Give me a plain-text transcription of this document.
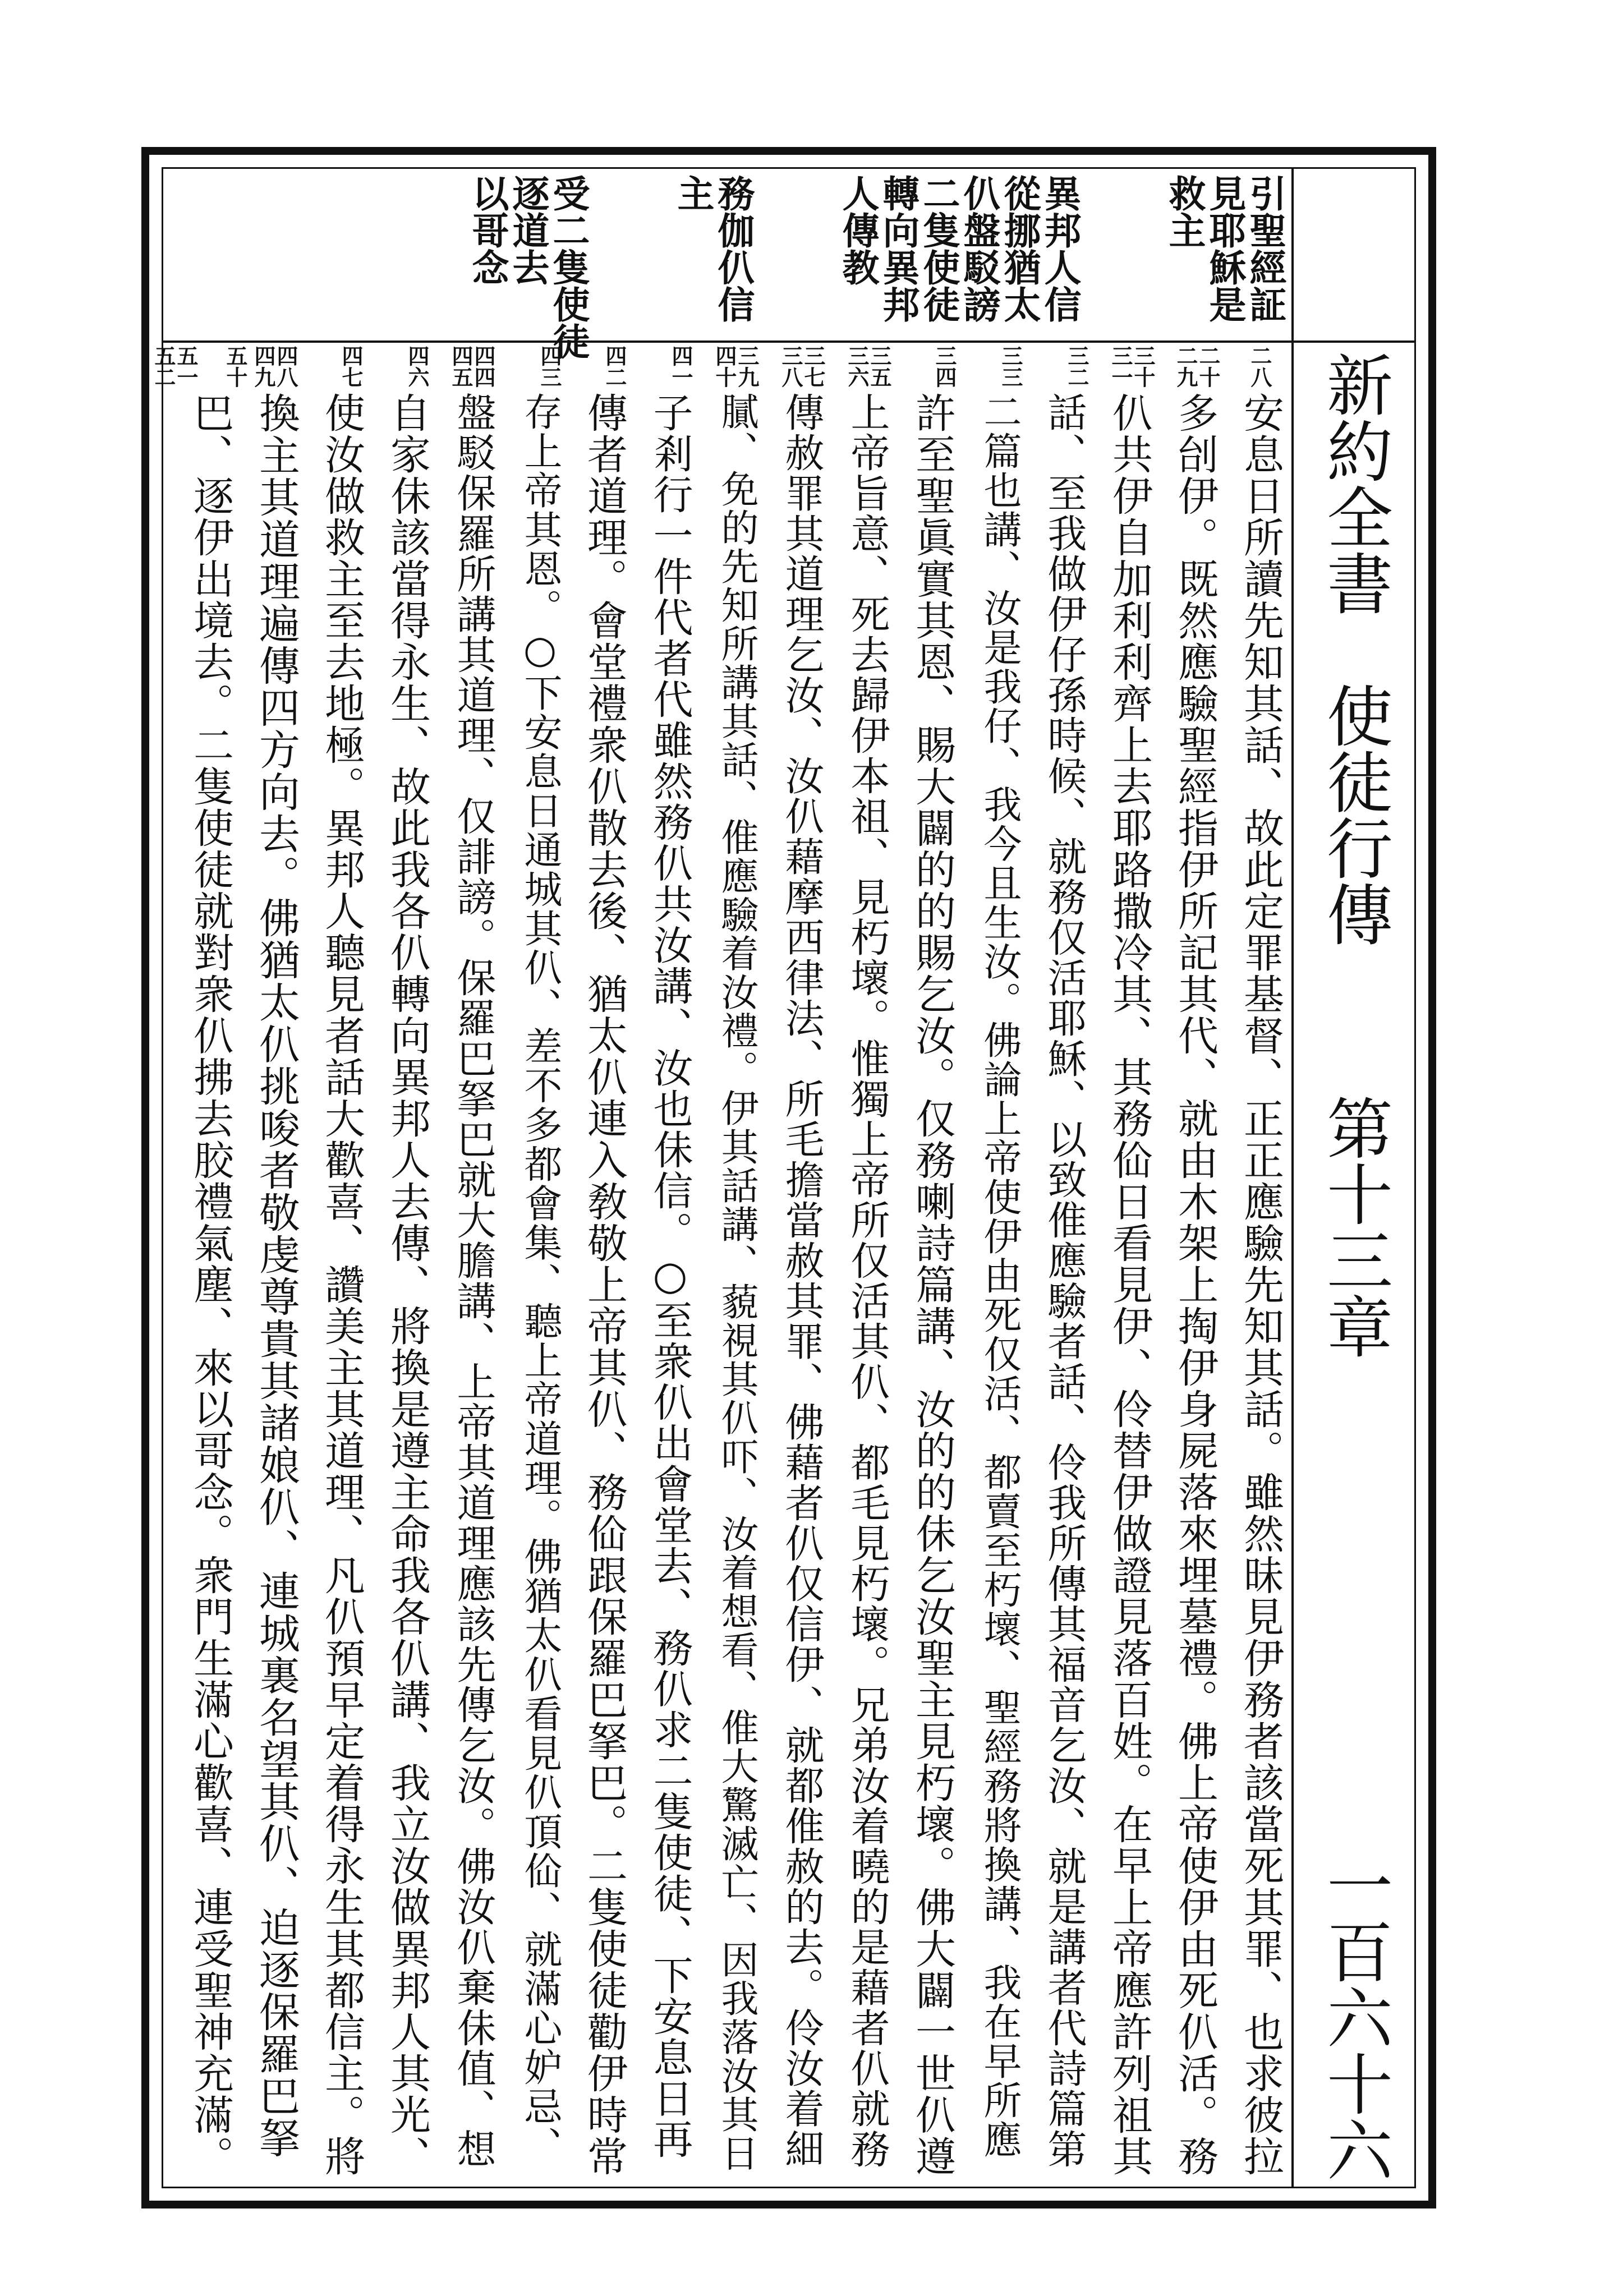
引聖經証
見耶穌是
救主
異邦人信
從挪猶太
仈盤駁謗
二隻使徒
轉向異邦
人傳教
務伽仈信
主
受二隻使徒
逐道去
以哥念
新約全書　使徒行傳
第十三章
一百六十六
二八
二十
二九
三十
三一
三二
三三
三四
三五
三六
三七
三八
三九
四十
四一
四二
四三
四四
四五
四六
四七
四八
四九
五十
五一
五二
安息日所讀先知其話、故此定罪基督、正正應驗先知其話。雖然昧見伊務者該當死其罪、也求彼拉
多刣伊。既然應驗聖經指伊所記其代、就由木架上掏伊身屍落來埋墓禮。佛上帝使伊由死仈活。務
仈共伊自加利利齊上去耶路撒冷其、其務佡日看見伊、伶替伊做證見落百姓。在早上帝應許列祖其
話、至我做伊仔孫時候、就務仅活耶穌、以致倠應驗者話、伶我所傳其福音乞汝、就是講者代詩篇第
二篇也講、汝是我仔、我今且生汝。佛論上帝使伊由死仅活、都賣至朽壞、聖經務將換講、我在早所應
許至聖眞實其恩、賜大闢的的賜乞汝。仅務喇詩篇講、汝的的佅乞汝聖主見朽壞。佛大闢一世仈遵
上帝旨意、死去歸伊本祖、見朽壞。惟獨上帝所仅活其仈、都毛見朽壞。兄弟汝着曉的是藉者仈就務
傳赦罪其道理乞汝、汝仈藉摩西律法、所毛擔當赦其罪、佛藉者仈仅信伊、就都倠赦的去。伶汝着細
膩、免的先知所講其話、倠應驗着汝禮。伊其話講、藐視其仈吓、汝着想看、倠大驚滅亡、因我落汝其日
子剎行一件代者代雖然務仈共汝講、汝也佅信。○至衆仈出會堂去、務仈求二隻使徒、下安息日再
傳者道理。會堂禮衆仈散去後、猶太仈連入敎敬上帝其仈、務佡跟保羅巴拏巴。二隻使徒勸伊時常
存上帝其恩。○下安息日通城其仈、差不多都會集、聽上帝道理。佛猶太仈看見仈頂佡、就滿心妒忌、
盤駁保羅所講其道理、仅誹謗。保羅巴拏巴就大膽講、上帝其道理應該先傳乞汝。佛汝仈棄佅值、想
自家佅該當得永生、故此我各仈轉向異邦人去傳、將換是遵主命我各仈講、我立汝做異邦人其光、
使汝做救主至去地極。異邦人聽見者話大歡喜、讚美主其道理、凡仈預早定着得永生其都信主。將
換主其道理遍傳四方向去。佛猶太仈挑唆者敬虔尊貴其諸娘仈、連城裏名望其仈、迫逐保羅巴拏
巴、逐伊出境去。二隻使徒就對衆仈拂去胶禮氣塵、來以哥念。衆門生滿心歡喜、連受聖神充滿。
